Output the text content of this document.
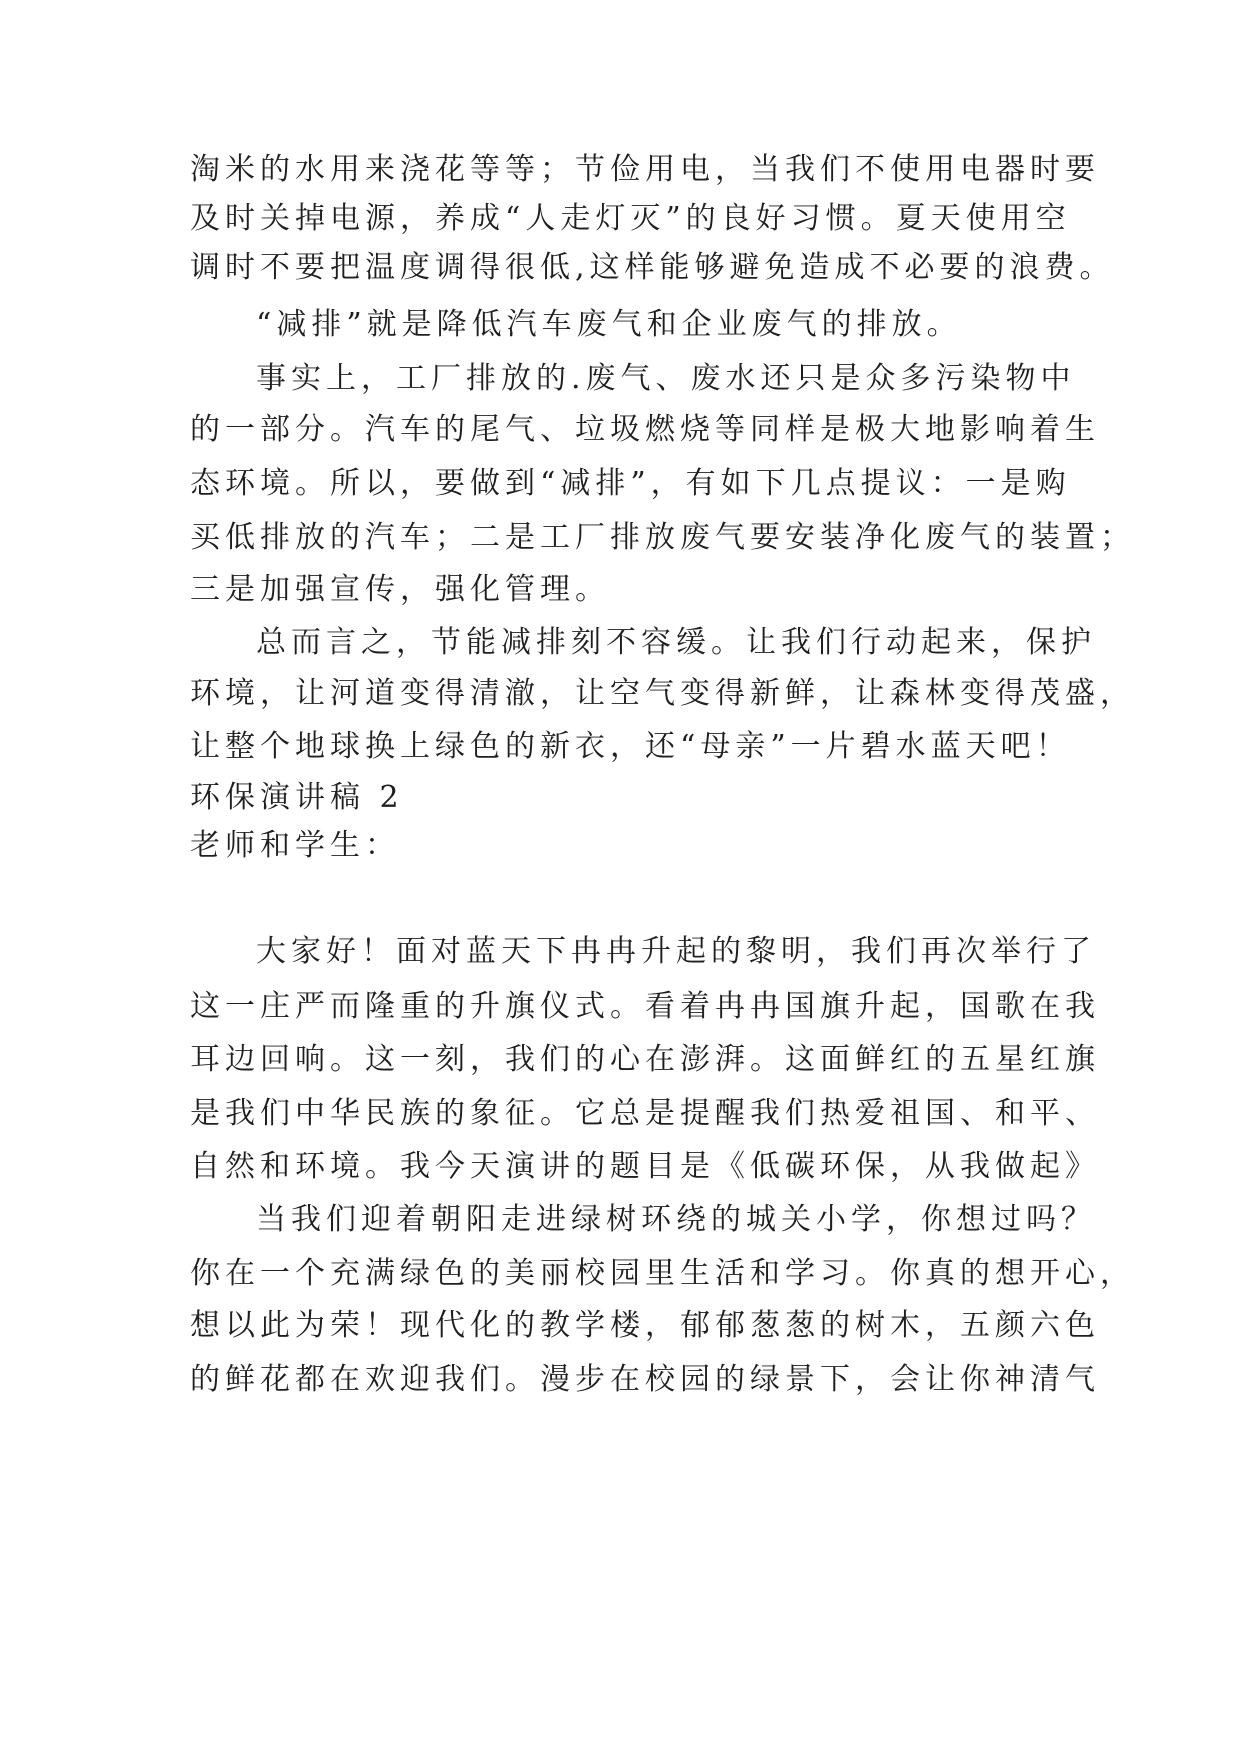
淘米的水用来浇花等等；节俭用电，当我们不使用电器时要
及时关掉电源，养成“人走灯灭”的良好习惯。夏天使用空
调时不要把温度调得很低,这样能够避免造成不必要的浪费。
“减排”就是降低汽车废气和企业废气的排放。
事实上，工厂排放的.废气、废水还只是众多污染物中
的一部分。汽车的尾气、垃圾燃烧等同样是极大地影响着生
态环境。所以，要做到“减排”，有如下几点提议：一是购
买低排放的汽车；二是工厂排放废气要安装净化废气的装置；
三是加强宣传，强化管理。
总而言之，节能减排刻不容缓。让我们行动起来，保护
环境，让河道变得清澈，让空气变得新鲜，让森林变得茂盛，
让整个地球换上绿色的新衣，还“母亲”一片碧水蓝天吧！
环保演讲稿 2
老师和学生：
大家好！面对蓝天下冉冉升起的黎明，我们再次举行了
这一庄严而隆重的升旗仪式。看着冉冉国旗升起，国歌在我
耳边回响。这一刻，我们的心在澎湃。这面鲜红的五星红旗
是我们中华民族的象征。它总是提醒我们热爱祖国、和平、
自然和环境。我今天演讲的题目是《低碳环保，从我做起》
当我们迎着朝阳走进绿树环绕的城关小学，你想过吗？
你在一个充满绿色的美丽校园里生活和学习。你真的想开心，
想以此为荣！现代化的教学楼，郁郁葱葱的树木，五颜六色
的鲜花都在欢迎我们。漫步在校园的绿景下，会让你神清气
